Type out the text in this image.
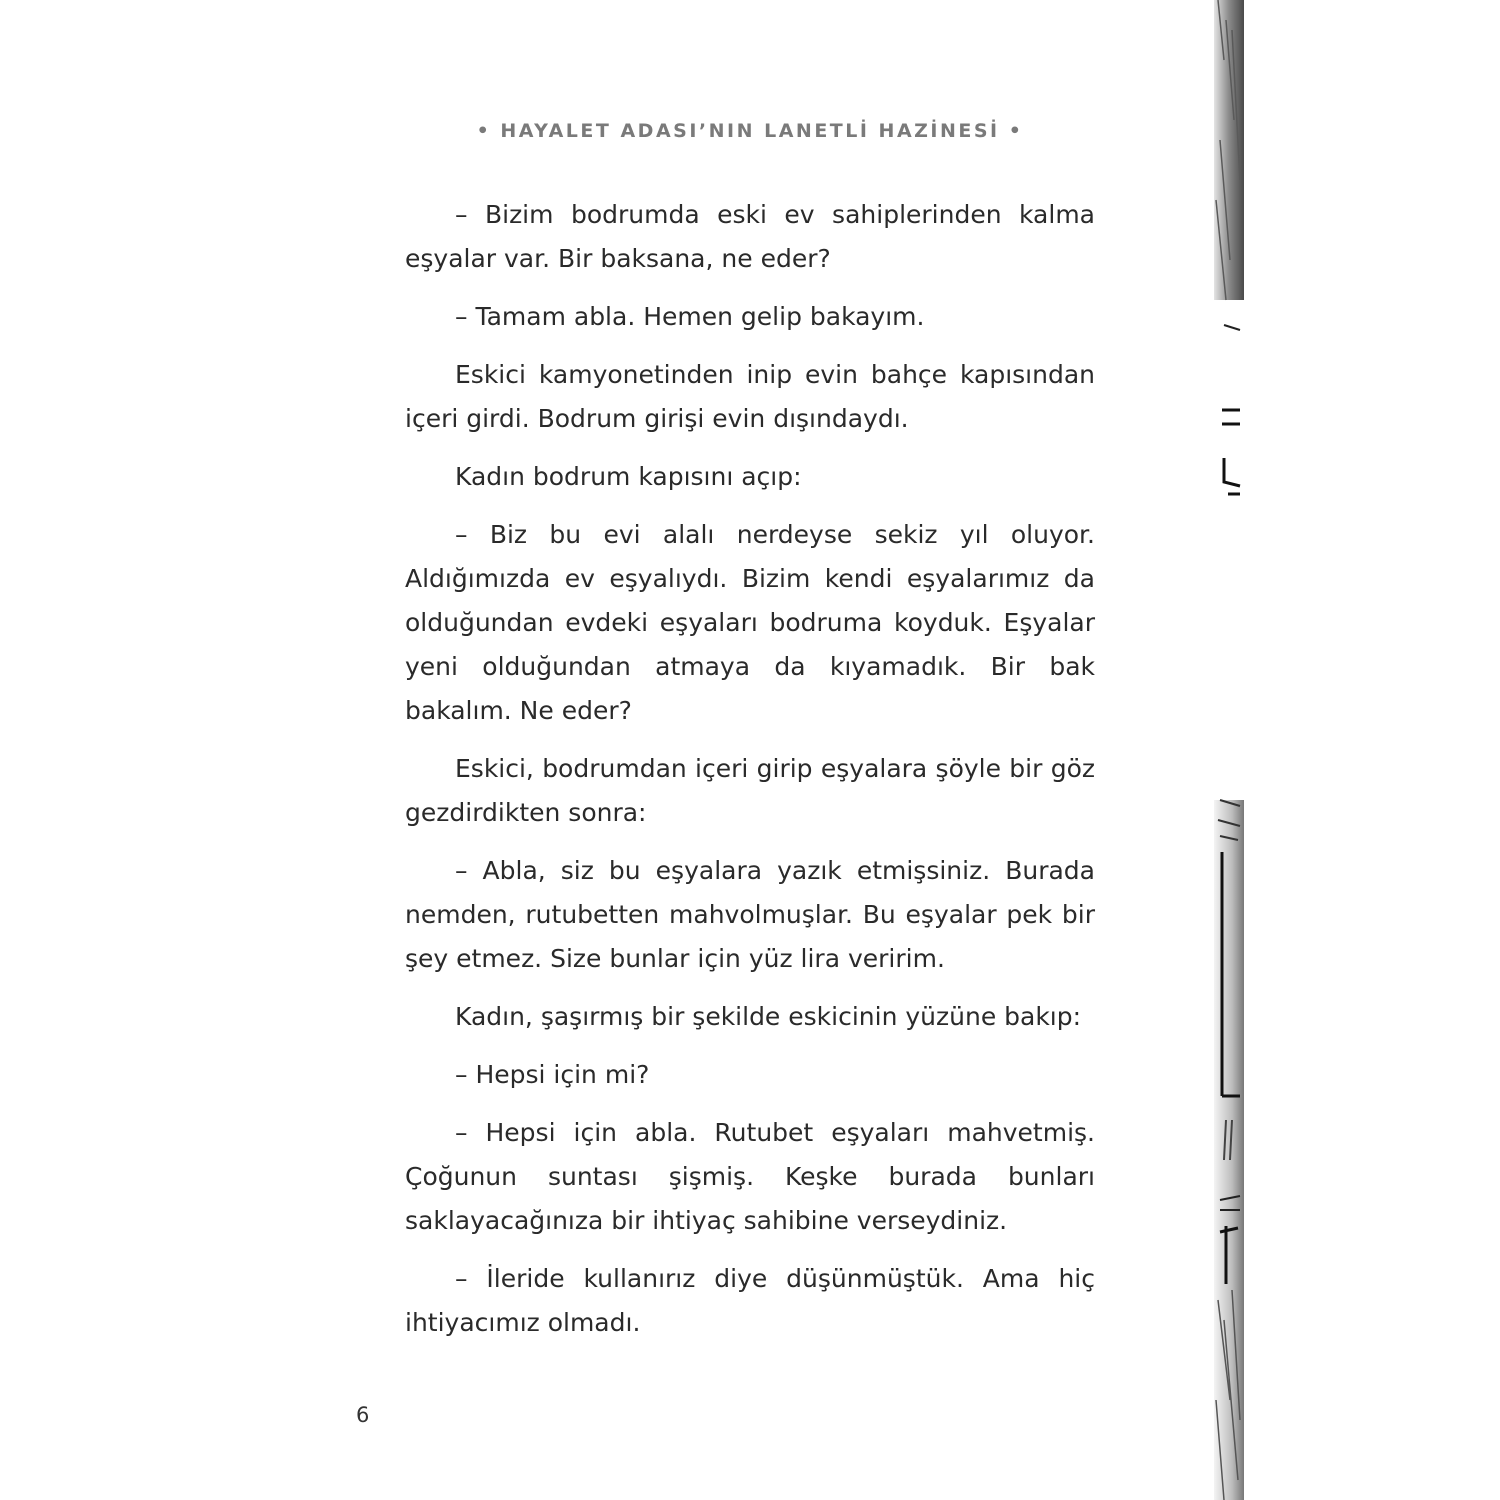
• HAYALET ADASI’NIN LANETLİ HAZİNESİ •

– Bizim bodrumda eski ev sahiplerinden kalma eşyalar var. Bir baksana, ne eder?

– Tamam abla. Hemen gelip bakayım.

Eskici kamyonetinden inip evin bahçe kapısından içeri girdi. Bodrum girişi evin dışındaydı.

Kadın bodrum kapısını açıp:

– Biz bu evi alalı nerdeyse sekiz yıl oluyor. Aldığımızda ev eşyalıydı. Bizim kendi eşyalarımız da olduğundan evdeki eşyaları bodruma koyduk. Eşyalar yeni olduğundan atmaya da kıyamadık. Bir bak bakalım. Ne eder?

Eskici, bodrumdan içeri girip eşyalara şöyle bir göz gezdirdikten sonra:

– Abla, siz bu eşyalara yazık etmişsiniz. Burada nemden, rutubetten mahvolmuşlar. Bu eşyalar pek bir şey etmez. Size bunlar için yüz lira veririm.

Kadın, şaşırmış bir şekilde eskicinin yüzüne bakıp:

– Hepsi için mi?

– Hepsi için abla. Rutubet eşyaları mahvetmiş. Çoğunun suntası şişmiş. Keşke burada bunları saklayacağınıza bir ihtiyaç sahibine verseydiniz.

– İleride kullanırız diye düşünmüştük. Ama hiç ihtiyacımız olmadı.

6
